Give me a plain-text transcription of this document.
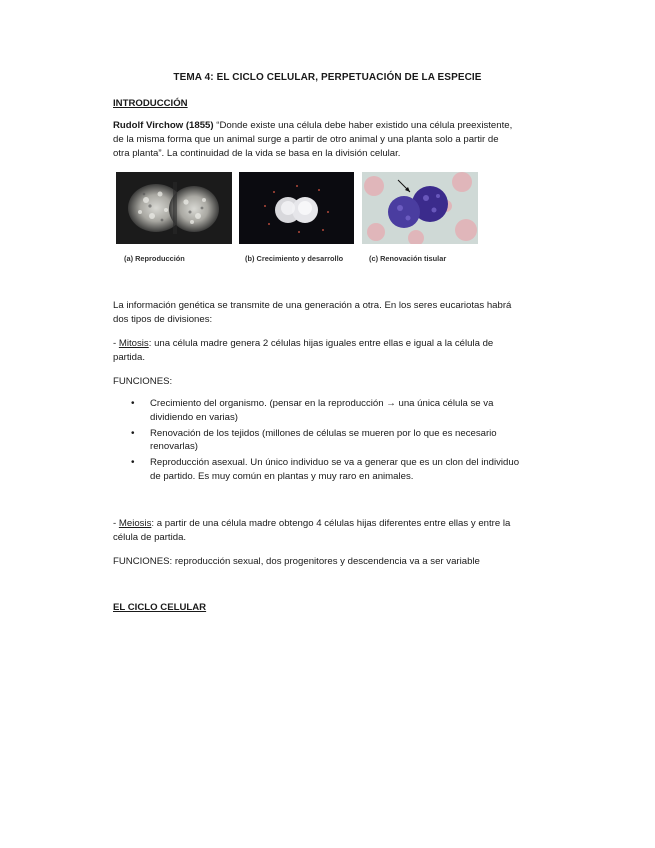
TEMA 4: EL CICLO CELULAR, PERPETUACIÓN DE LA ESPECIE

INTRODUCCIÓN

Rudolf Virchow (1855) “Donde existe una célula debe haber existido una célula preexistente,

de la misma forma que un animal surge a partir de otro animal y una planta solo a partir de

otra planta”. La continuidad de la vida se basa en la división celular.

(a) Reproducción	(b) Crecimiento y desarrollo	(c) Renovación tisular

La información genética se transmite de una generación a otra. En los seres eucariotas habrá

dos tipos de divisiones:

- Mitosis: una célula madre genera 2 células hijas iguales entre ellas e igual a la célula de

partida.

FUNCIONES:

• Crecimiento del organismo. (pensar en la reproducción → una única célula se va
dividiendo en varias)
• Renovación de los tejidos (millones de células se mueren por lo que es necesario
renovarlas)
• Reproducción asexual. Un único individuo se va a generar que es un clon del individuo
de partido. Es muy común en plantas y muy raro en animales.

- Meiosis: a partir de una célula madre obtengo 4 células hijas diferentes entre ellas y entre la

célula de partida.

FUNCIONES: reproducción sexual, dos progenitores y descendencia va a ser variable

EL CICLO CELULAR
